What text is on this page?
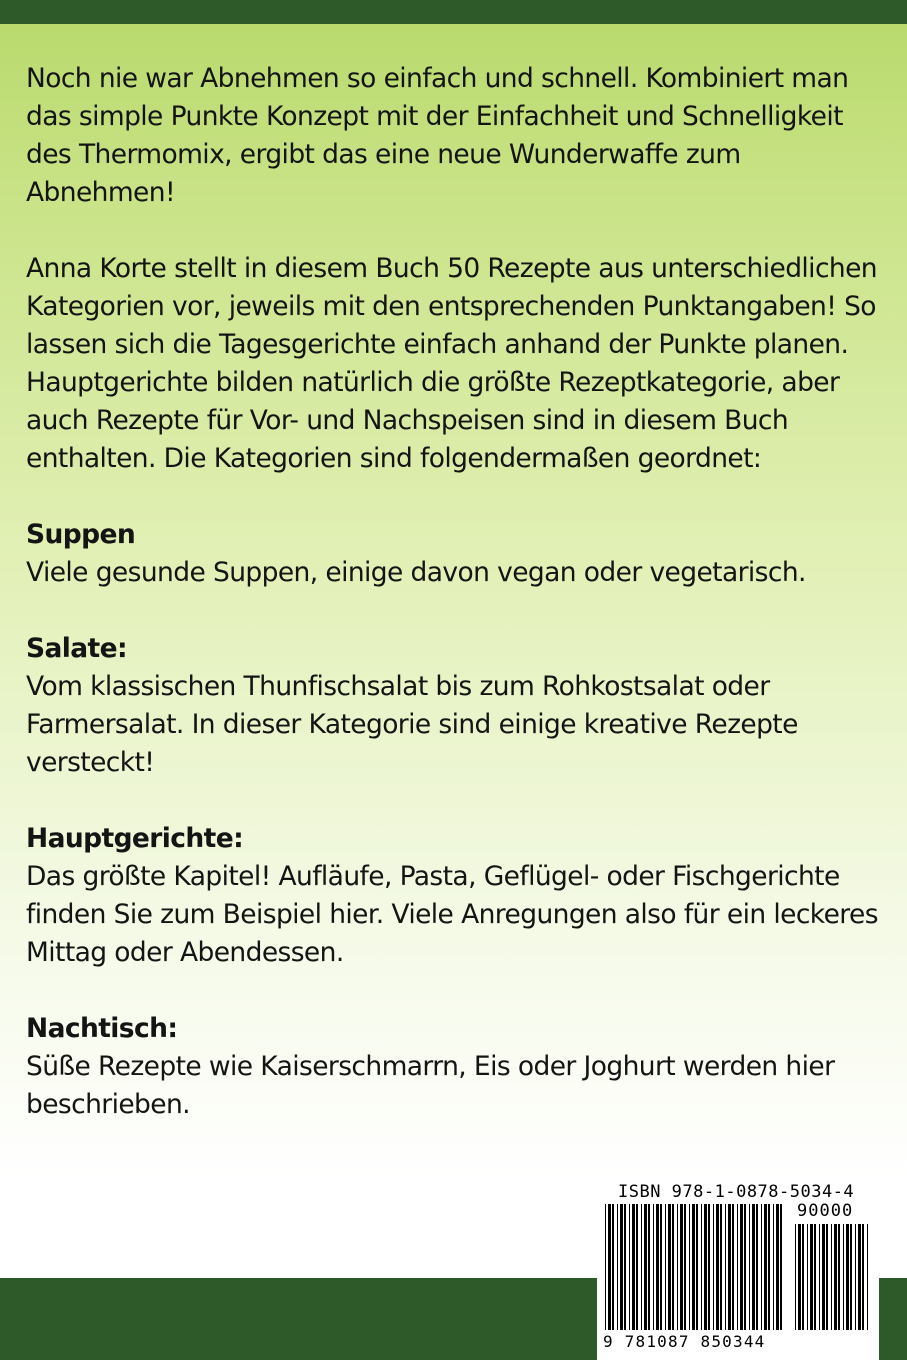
Noch nie war Abnehmen so einfach und schnell. Kombiniert man das simple Punkte Konzept mit der Einfachheit und Schnelligkeit des Thermomix, ergibt das eine neue Wunderwaffe zum Abnehmen!

Anna Korte stellt in diesem Buch 50 Rezepte aus unterschiedlichen Kategorien vor, jeweils mit den entsprechenden Punktangaben! So lassen sich die Tagesgerichte einfach anhand der Punkte planen. Hauptgerichte bilden natürlich die größte Rezeptkategorie, aber auch Rezepte für Vor- und Nachspeisen sind in diesem Buch enthalten. Die Kategorien sind folgendermaßen geordnet:

Suppen

Viele gesunde Suppen, einige davon vegan oder vegetarisch.

Salate:

Vom klassischen Thunfischsalat bis zum Rohkostsalat oder Farmersalat. In dieser Kategorie sind einige kreative Rezepte versteckt!

Hauptgerichte:

Das größte Kapitel! Aufläufe, Pasta, Geflügel- oder Fischgerichte finden Sie zum Beispiel hier. Viele Anregungen also für ein leckeres Mittag oder Abendessen.

Nachtisch:

Süße Rezepte wie Kaiserschmarrn, Eis oder Joghurt werden hier beschrieben.

ISBN 978-1-0878-5034-4
90000
9 781087 850344
